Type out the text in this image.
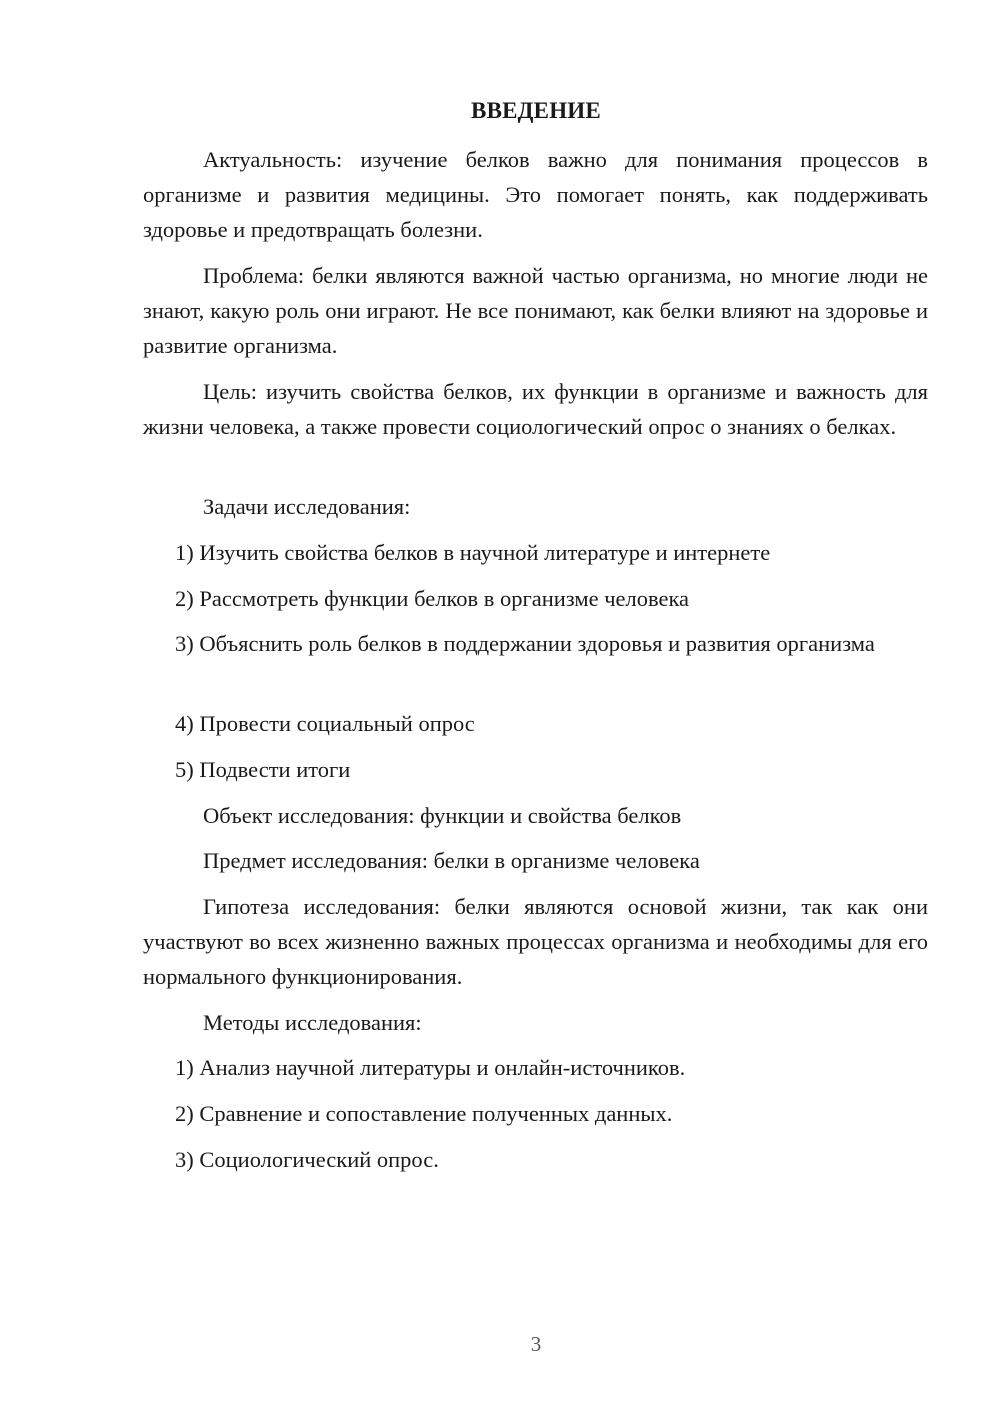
ВВЕДЕНИЕ

Актуальность: изучение белков важно для понимания процессов в организме и развития медицины. Это помогает понять, как поддерживать здоровье и предотвращать болезни.

Проблема: белки являются важной частью организма, но многие люди не знают, какую роль они играют. Не все понимают, как белки влияют на здоровье и развитие организма.

Цель: изучить свойства белков, их функции в организме и важность для жизни человека, а также провести социологический опрос о знаниях о белках.

Задачи исследования:

1) Изучить свойства белков в научной литературе и интернете

2) Рассмотреть функции белков в организме человека

3) Объяснить роль белков в поддержании здоровья и развития организма

4) Провести социальный опрос

5) Подвести итоги

Объект исследования: функции и свойства белков

Предмет исследования: белки в организме человека

Гипотеза исследования: белки являются основой жизни, так как они участвуют во всех жизненно важных процессах организма и необходимы для его нормального функционирования.

Методы исследования:

1) Анализ научной литературы и онлайн-источников.

2) Сравнение и сопоставление полученных данных.

3) Социологический опрос.

3
